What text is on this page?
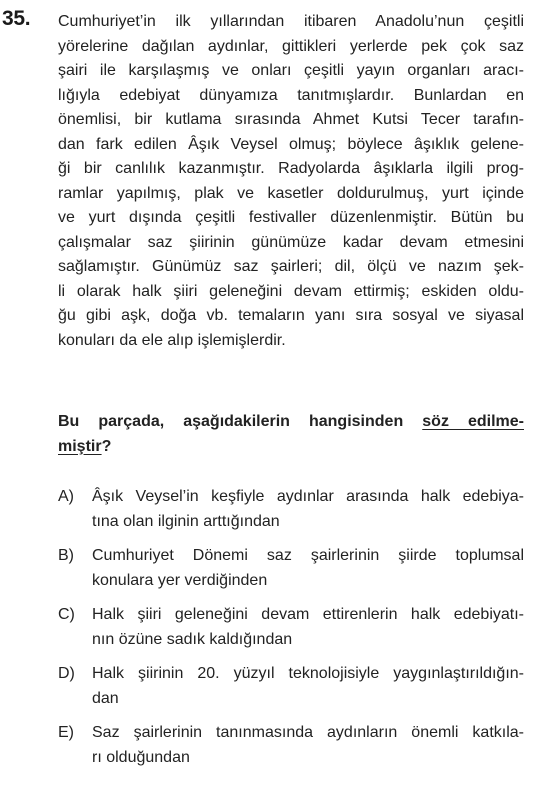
35. Cumhuriyet’in ilk yıllarından itibaren Anadolu’nun çeşitli
yörelerine dağılan aydınlar, gittikleri yerlerde pek çok saz
şairi ile karşılaşmış ve onları çeşitli yayın organları aracı-
lığıyla edebiyat dünyamıza tanıtmışlardır. Bunlardan en
önemlisi, bir kutlama sırasında Ahmet Kutsi Tecer tarafın-
dan fark edilen Âşık Veysel olmuş; böylece âşıklık gelene-
ği bir canlılık kazanmıştır. Radyolarda âşıklarla ilgili prog-
ramlar yapılmış, plak ve kasetler doldurulmuş, yurt içinde
ve yurt dışında çeşitli festivaller düzenlenmiştir. Bütün bu
çalışmalar saz şiirinin günümüze kadar devam etmesini
sağlamıştır. Günümüz saz şairleri; dil, ölçü ve nazım şek-
li olarak halk şiiri geleneğini devam ettirmiş; eskiden oldu-
ğu gibi aşk, doğa vb. temaların yanı sıra sosyal ve siyasal
konuları da ele alıp işlemişlerdir.
Bu parçada, aşağıdakilerin hangisinden söz edilme-
miştir?
A)	Âşık Veysel’in keşfiyle aydınlar arasında halk edebiya-
tına olan ilginin arttığından
B)	Cumhuriyet Dönemi saz şairlerinin şiirde toplumsal
konulara yer verdiğinden
C)	Halk şiiri geleneğini devam ettirenlerin halk edebiyatı-
nın özüne sadık kaldığından
D)	Halk şiirinin 20. yüzyıl teknolojisiyle yaygınlaştırıldığın-
dan
E)	Saz şairlerinin tanınmasında aydınların önemli katkıla-
rı olduğundan
